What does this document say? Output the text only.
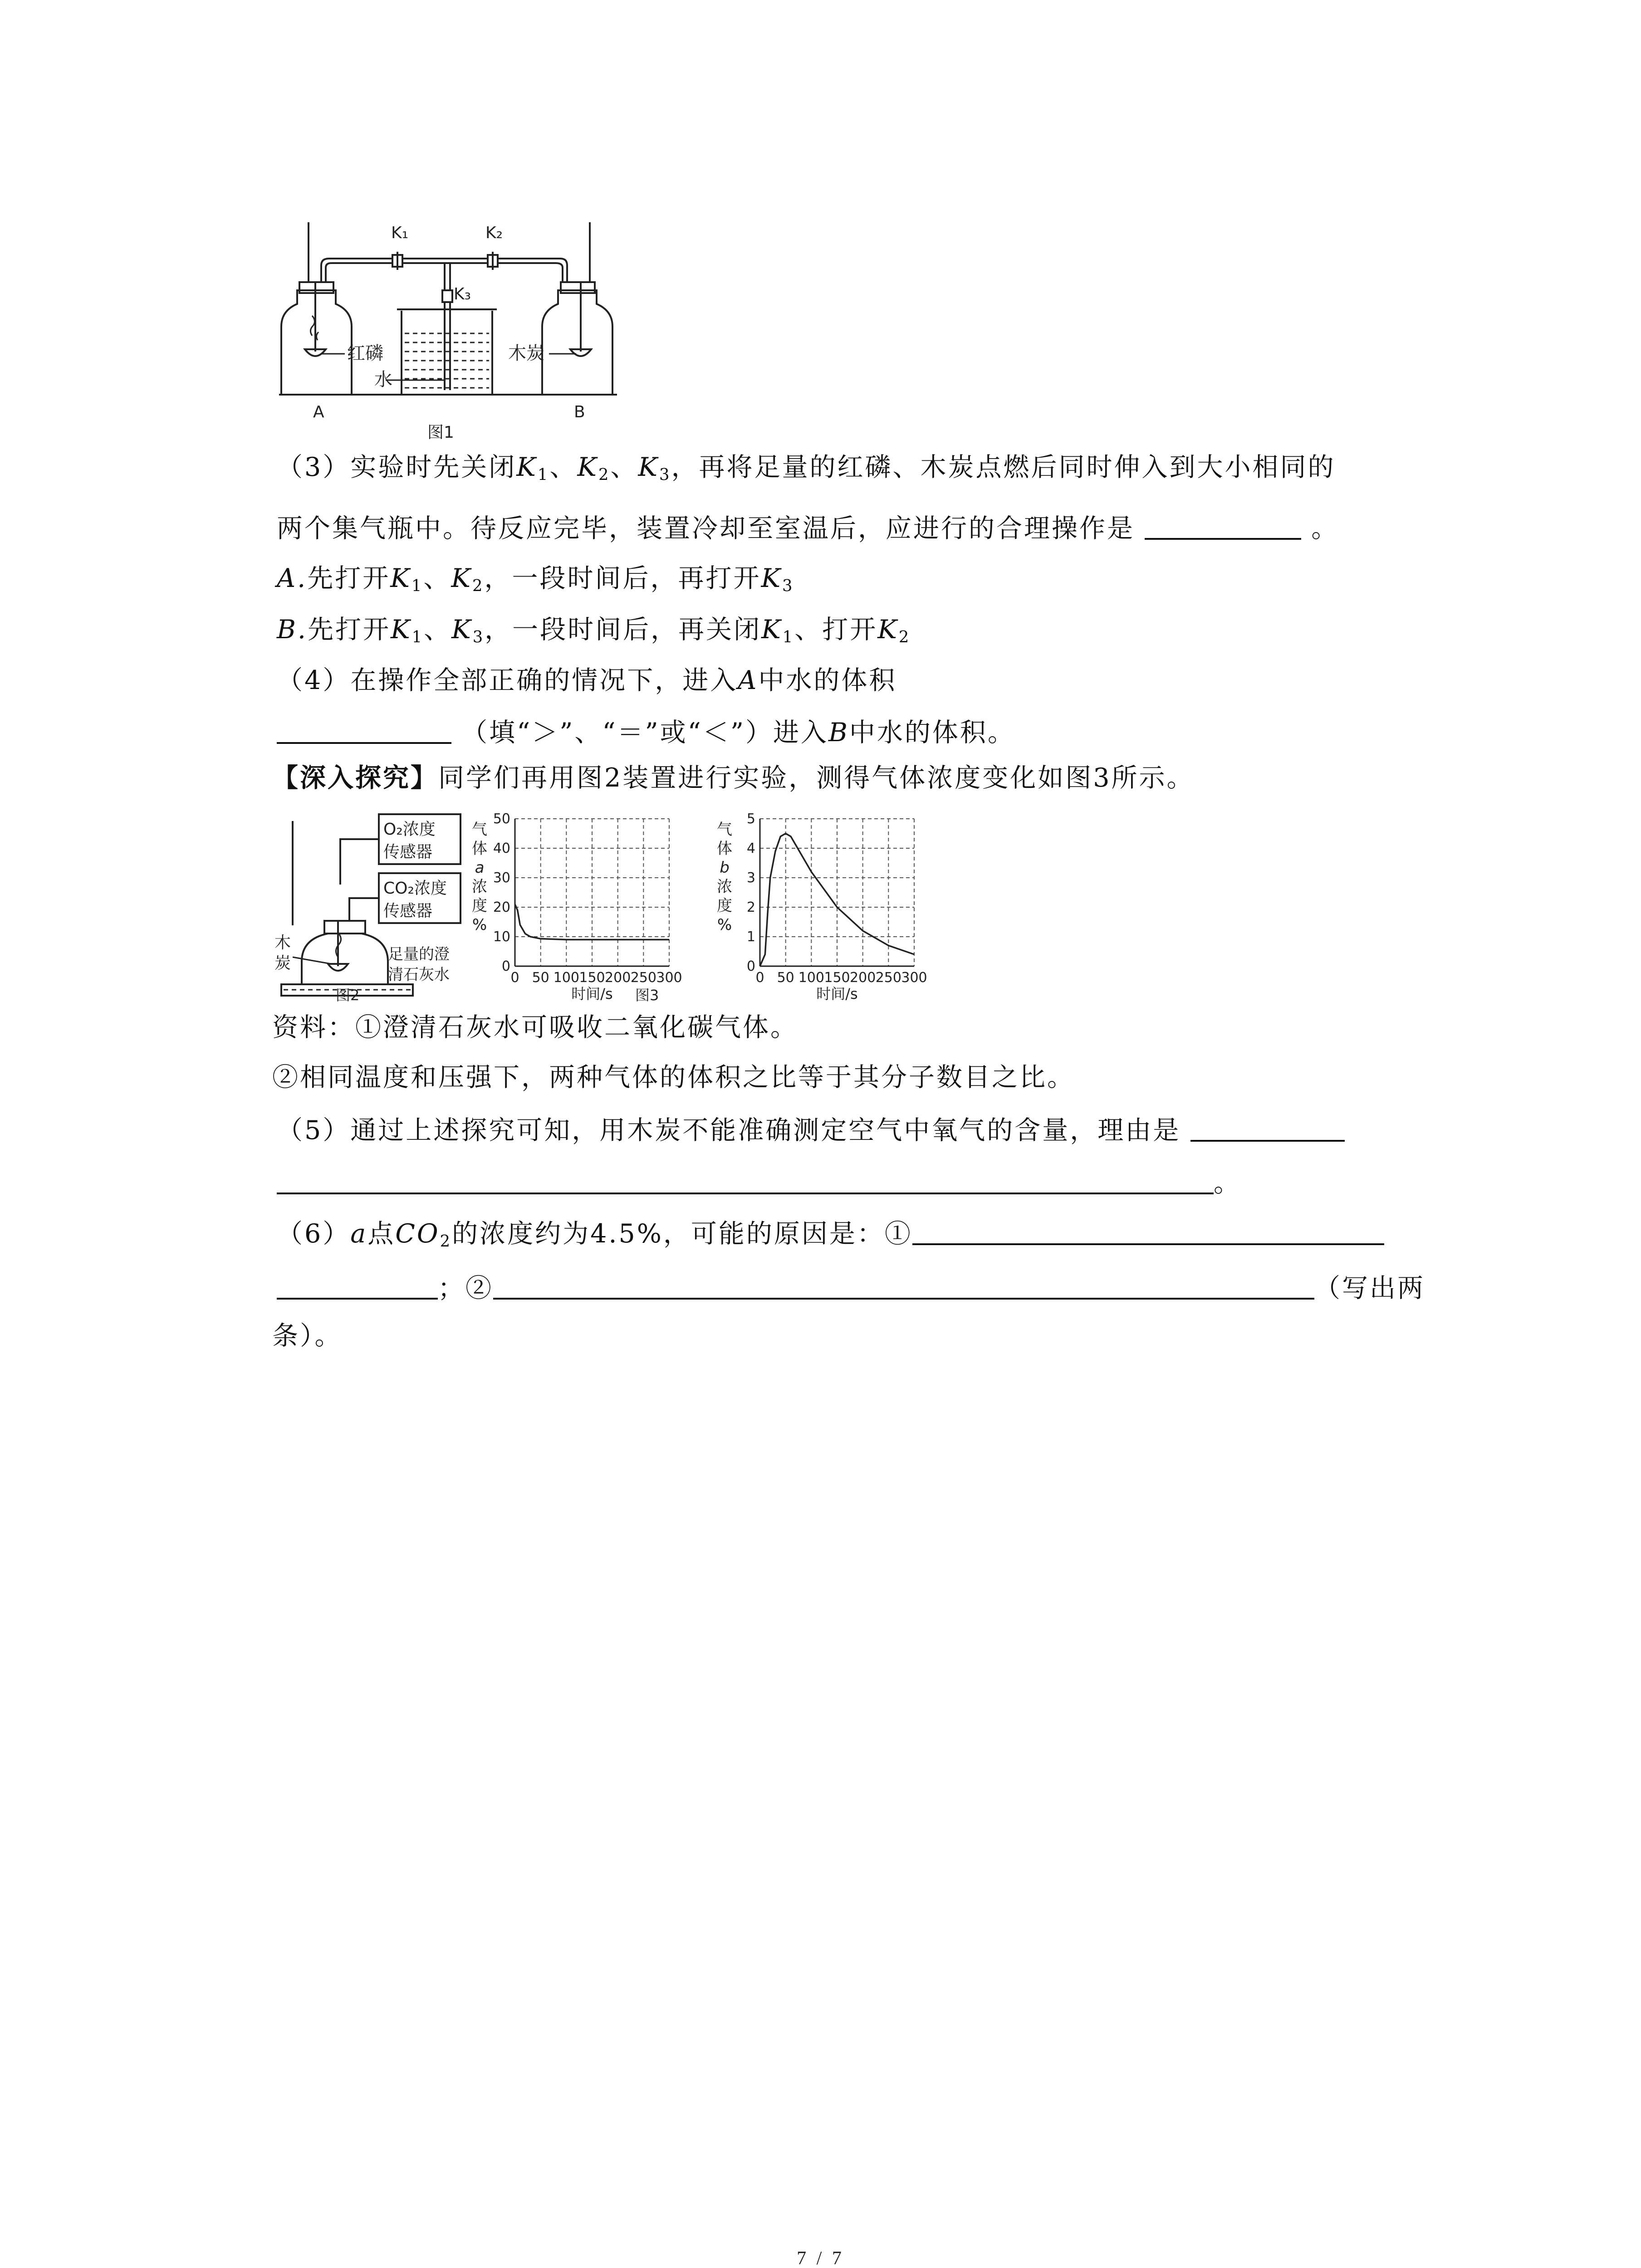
K₁	K₂
K₃
红磷
水
木炭
A	B
图1
（3）实验时先关闭$K_1$、$K_2$、$K_3$，再将足量的红磷、木炭点燃后同时伸入到大小相同的
两个集气瓶中。待反应完毕，装置冷却至室温后，应进行的合理操作是	。
A.先打开$K_1$、$K_2$，一段时间后，再打开$K_3$
B.先打开$K_1$、$K_3$，一段时间后，再关闭$K_1$、打开$K_2$
（4）在操作全部正确的情况下，进入A中水的体积
（填“＞”、“＝”或“＜”）进入B中水的体积。
【深入探究】同学们再用图2装置进行实验，测得气体浓度变化如图3所示。
O₂浓度
传感器
CO₂浓度
传感器
木
炭	足量的澄
清石灰水
图2
0 50 100 150 200 250 300
0
10
20
30
40
50
时间/s
气
体
a
浓
度
%
0 50 100 150 200 250 300
0
1
2
3
4
5
时间/s
气
体
b
浓
度
%
图3
资料：①澄清石灰水可吸收二氧化碳气体。
②相同温度和压强下，两种气体的体积之比等于其分子数目之比。
（5）通过上述探究可知，用木炭不能准确测定空气中氧气的含量，理由是
。
（6）a点$CO_2$的浓度约为4.5%，可能的原因是：①
；②	（写出两
条）。
7 / 7
